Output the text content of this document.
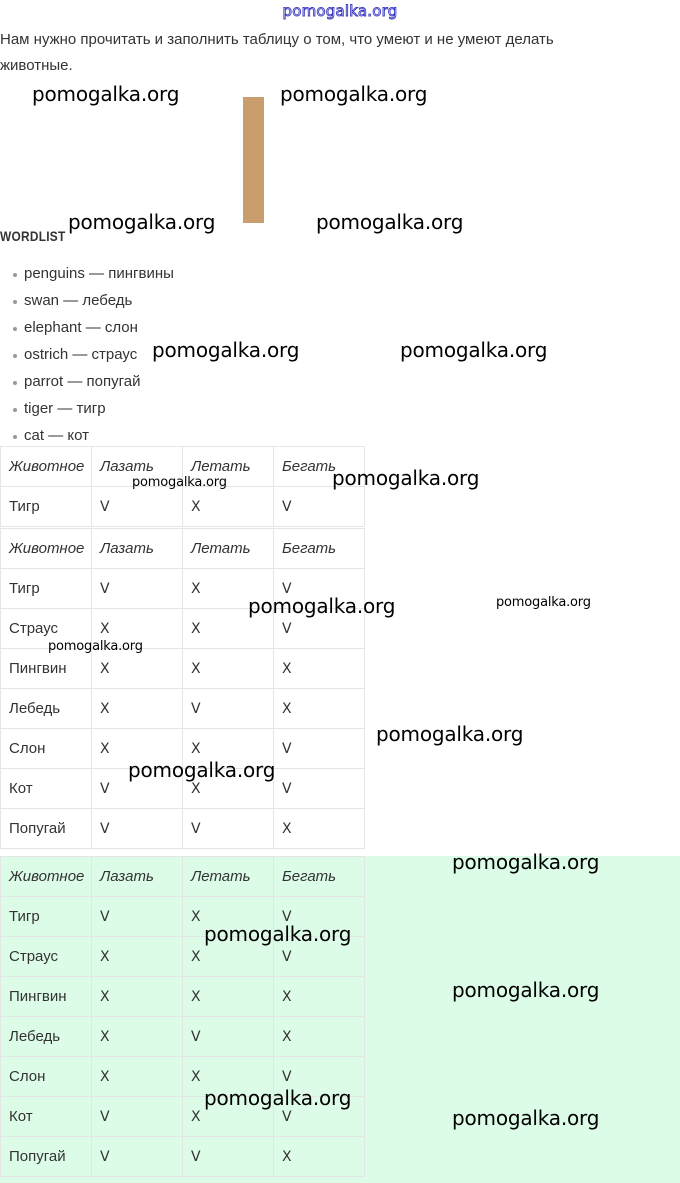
pomogalka.org
Нам нужно прочитать и заполнить таблицу о том, что умеют и не умеют делать животные.
WORDLIST
penguins — пингвины
swan — лебедь
elephant — слон
ostrich — страус
parrot — попугай
tiger — тигр
cat — кот
Животное	Лазать	Летать	Бегать
Тигр	V	X	V
Животное	Лазать	Летать	Бегать
Тигр	V	X	V
Страус	X	X	V
Пингвин	X	X	X
Лебедь	X	V	X
Слон	X	X	V
Кот	V	X	V
Попугай	V	V	X
Животное	Лазать	Летать	Бегать
Тигр	V	X	V
Страус	X	X	V
Пингвин	X	X	X
Лебедь	X	V	X
Слон	X	X	V
Кот	V	X	V
Попугай	V	V	X
pomogalka.org	pomogalka.org
pomogalka.org	pomogalka.org
pomogalka.org	pomogalka.org
pomogalka.org	pomogalka.org
pomogalka.org	pomogalka.org
pomogalka.org
pomogalka.org
pomogalka.org
pomogalka.org
pomogalka.org
pomogalka.org
pomogalka.org
pomogalka.org
